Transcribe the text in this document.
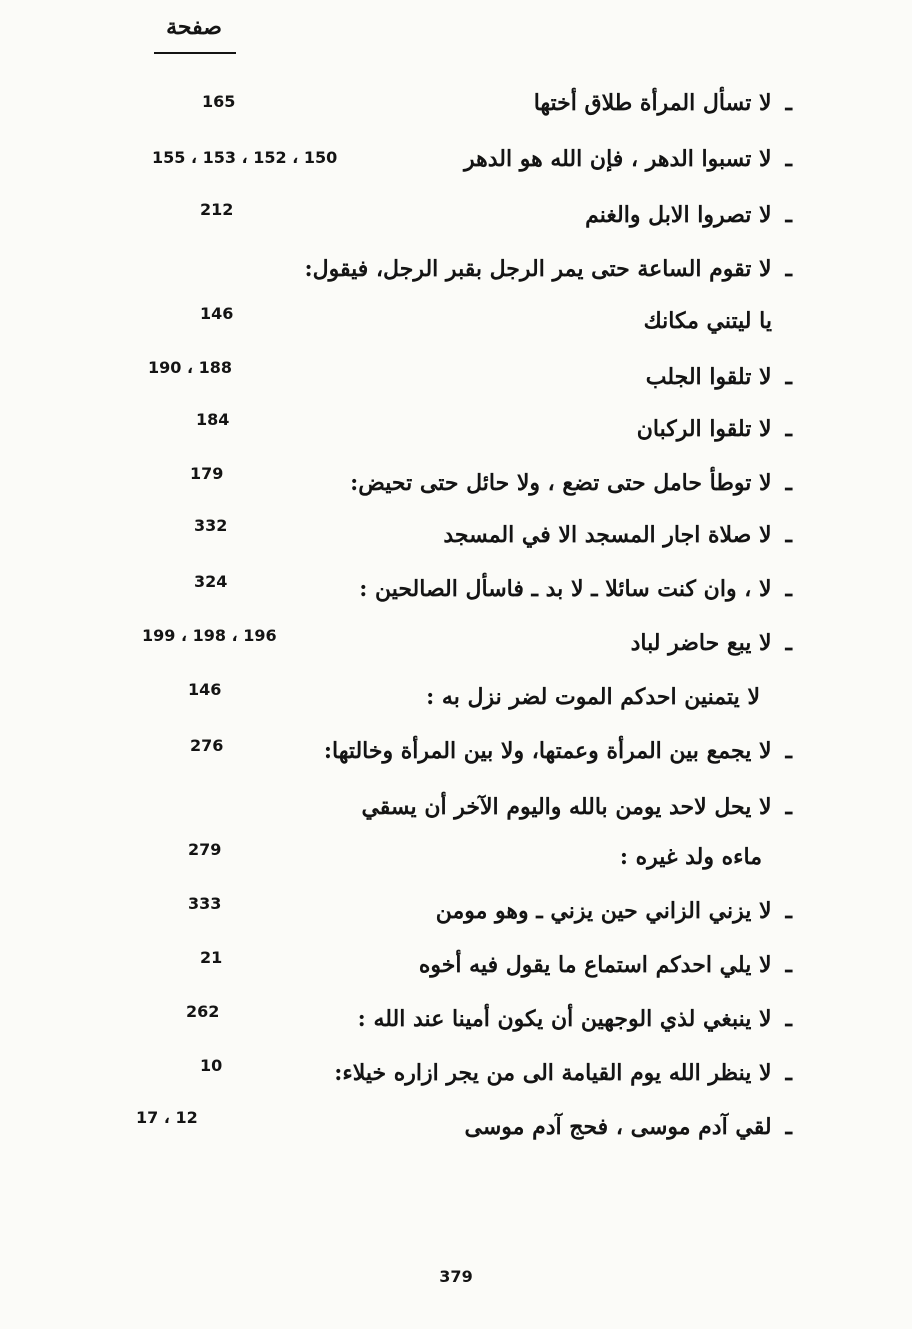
صفحة
ـلا تسأل المرأة طلاق أختها
165
ـلا تسبوا الدهر ، فإن الله هو الدهر
155 ، 153 ، 152 ، 150
ـلا تصروا الابل والغنم
212
ـلا تقوم الساعة حتى يمر الرجل بقبر الرجل، فيقول:
يا ليتني مكانك
146
ـلا تلقوا الجلب
190 ، 188
ـلا تلقوا الركبان
184
ـلا توطأ حامل حتى تضع ، ولا حائل حتى تحيض:
179
ـلا صلاة اجار المسجد الا في المسجد
332
ـلا ، وان كنت سائلا ـ لا بد ـ فاسأل الصالحين :
324
ـلا يبع حاضر لباد
199 ، 198 ، 196
لا يتمنين احدكم الموت لضر نزل به :
146
ـلا يجمع بين المرأة وعمتها، ولا بين المرأة وخالتها:
276
ـلا يحل لاحد يومن بالله واليوم الآخر أن يسقي
ماءه ولد غيره :
279
ـلا يزني الزاني حين يزني ـ وهو مومن
333
ـلا يلي احدكم استماع ما يقول فيه أخوه
21
ـلا ينبغي لذي الوجهين أن يكون أمينا عند الله :
262
ـلا ينظر الله يوم القيامة الى من يجر ازاره خيلاء:
10
ـلقي آدم موسى ، فحج آدم موسى
17 ، 12
379
